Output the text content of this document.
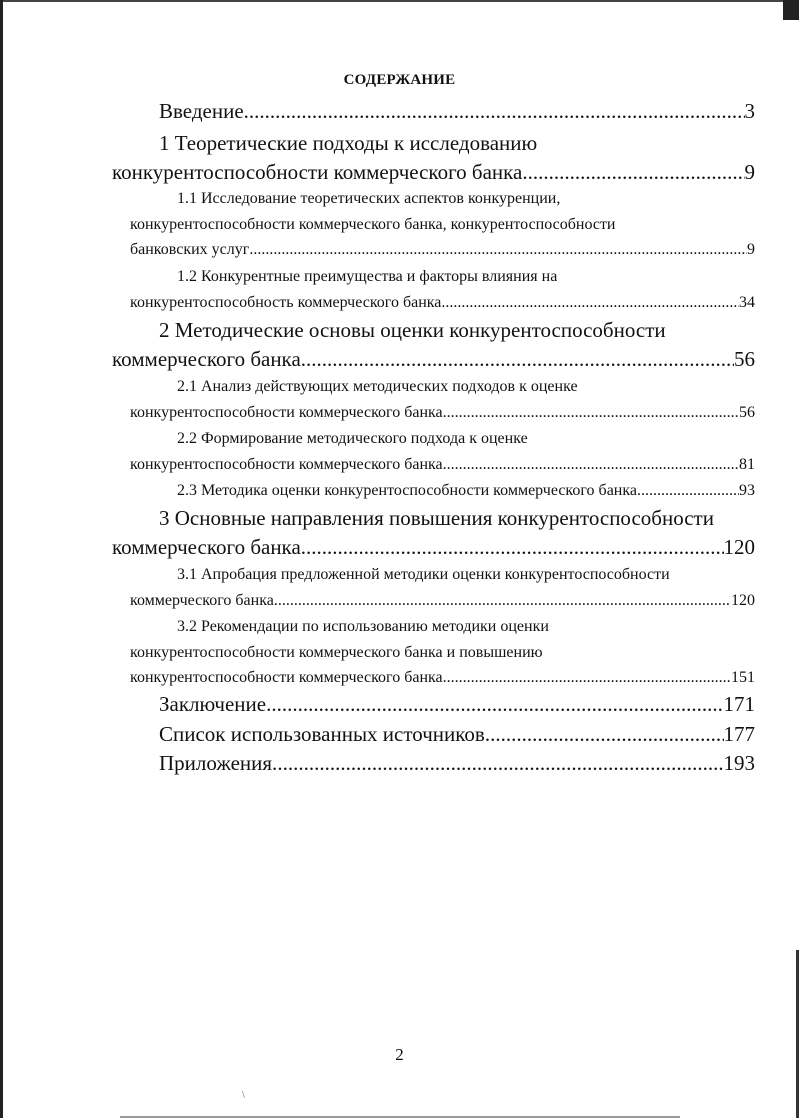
СОДЕРЖАНИЕ
Введение .....	3
1 Теоретические подходы к исследованию
конкурентоспособности коммерческого банка. .....	9
1.1 Исследование теоретических аспектов конкуренции,
конкурентоспособности коммерческого банка, конкурентоспособности
банковских услуг .....	9
1.2 Конкурентные преимущества и факторы влияния на
конкурентоспособность коммерческого банка .....	34
2 Методические основы оценки конкурентоспособности
коммерческого банка .....	56
2.1 Анализ действующих методических подходов к оценке
конкурентоспособности коммерческого банка .....	56
2.2 Формирование методического подхода к оценке
конкурентоспособности коммерческого банка. .....	81
2.3 Методика оценки конкурентоспособности коммерческого банка .....	93
3 Основные направления повышения конкурентоспособности
коммерческого банка. .....	120
3.1 Апробация предложенной методики оценки конкурентоспособности
коммерческого банка .....	120
3.2 Рекомендации по использованию методики оценки
конкурентоспособности коммерческого банка и повышению
конкурентоспособности коммерческого банка. .....	151
Заключение. .....	171
Список использованных источников .....	177
Приложения. .....	193
2
\
